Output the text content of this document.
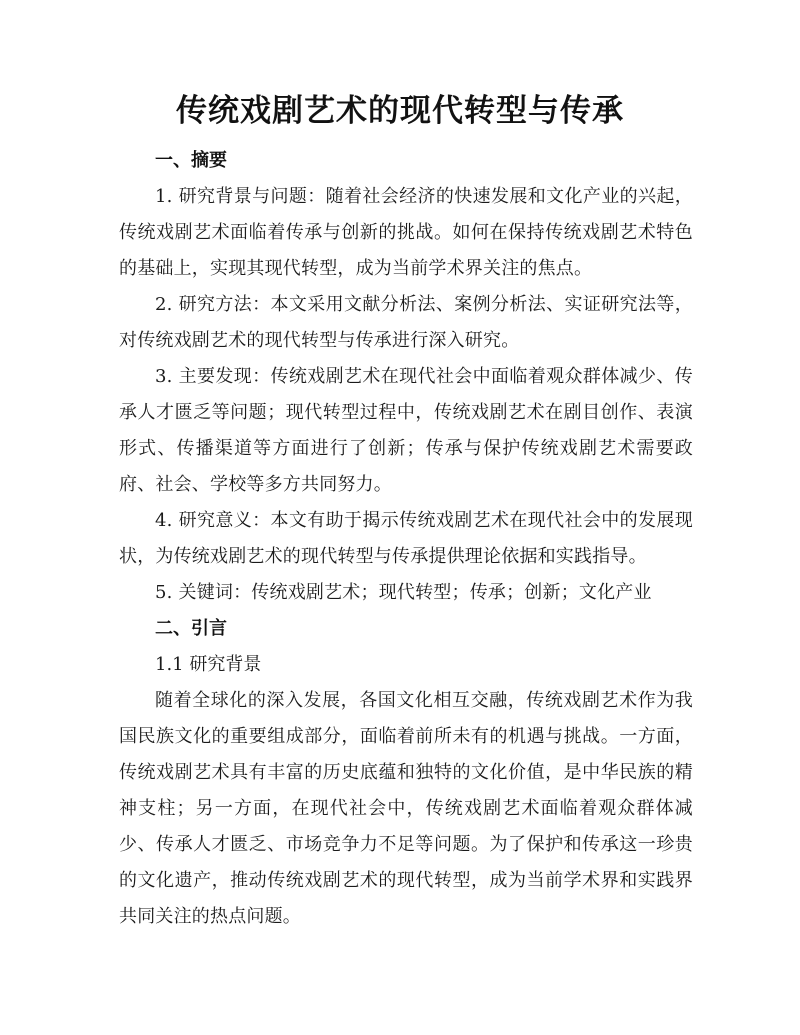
传统戏剧艺术的现代转型与传承
一、摘要

1. 研究背景与问题：随着社会经济的快速发展和文化产业的兴起，传统戏剧艺术面临着传承与创新的挑战。如何在保持传统戏剧艺术特色的基础上，实现其现代转型，成为当前学术界关注的焦点。

2. 研究方法：本文采用文献分析法、案例分析法、实证研究法等，对传统戏剧艺术的现代转型与传承进行深入研究。

3. 主要发现：传统戏剧艺术在现代社会中面临着观众群体减少、传承人才匮乏等问题；现代转型过程中，传统戏剧艺术在剧目创作、表演形式、传播渠道等方面进行了创新；传承与保护传统戏剧艺术需要政府、社会、学校等多方共同努力。

4. 研究意义：本文有助于揭示传统戏剧艺术在现代社会中的发展现状，为传统戏剧艺术的现代转型与传承提供理论依据和实践指导。

5. 关键词：传统戏剧艺术；现代转型；传承；创新；文化产业

二、引言

1.1 研究背景

随着全球化的深入发展，各国文化相互交融，传统戏剧艺术作为我国民族文化的重要组成部分，面临着前所未有的机遇与挑战。一方面，传统戏剧艺术具有丰富的历史底蕴和独特的文化价值，是中华民族的精神支柱；另一方面，在现代社会中，传统戏剧艺术面临着观众群体减少、传承人才匮乏、市场竞争力不足等问题。为了保护和传承这一珍贵的文化遗产，推动传统戏剧艺术的现代转型，成为当前学术界和实践界共同关注的热点问题。
